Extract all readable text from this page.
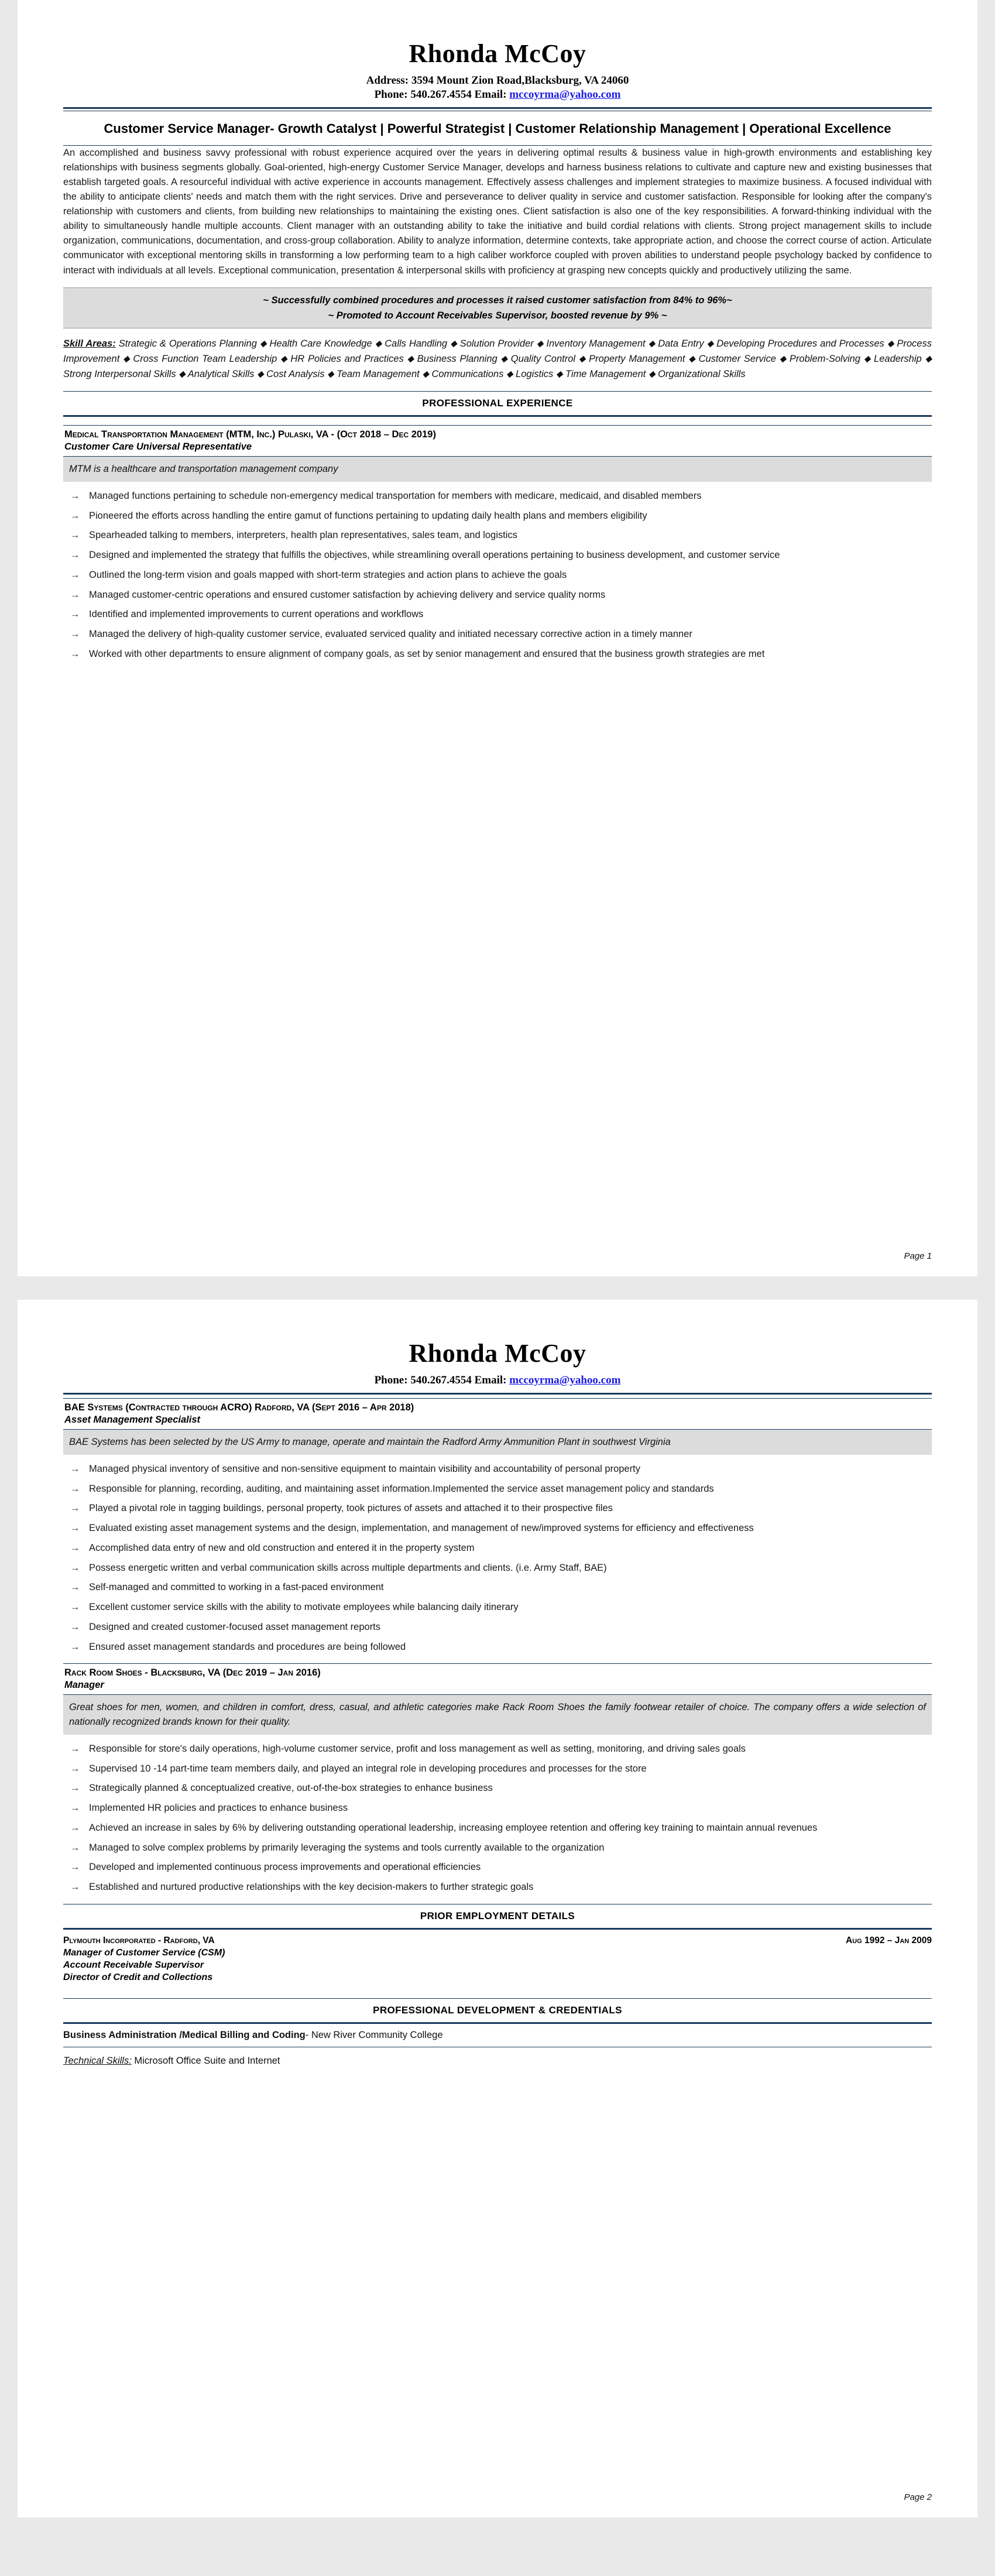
Rhonda McCoy
Address: 3594 Mount Zion Road,Blacksburg, VA 24060
Phone: 540.267.4554 Email: mccoyrma@yahoo.com
Customer Service Manager- Growth Catalyst | Powerful Strategist | Customer Relationship Management | Operational Excellence

An accomplished and business savvy professional with robust experience acquired over the years in delivering optimal results & business value in high-growth environments and establishing key relationships with business segments globally. Goal-oriented, high-energy Customer Service Manager, develops and harness business relations to cultivate and capture new and existing businesses that establish targeted goals. A resourceful individual with active experience in accounts management. Effectively assess challenges and implement strategies to maximize business. A focused individual with the ability to anticipate clients' needs and match them with the right services. Drive and perseverance to deliver quality in service and customer satisfaction. Responsible for looking after the company's relationship with customers and clients, from building new relationships to maintaining the existing ones. Client satisfaction is also one of the key responsibilities. A forward-thinking individual with the ability to simultaneously handle multiple accounts. Client manager with an outstanding ability to take the initiative and build cordial relations with clients. Strong project management skills to include organization, communications, documentation, and cross-group collaboration. Ability to analyze information, determine contexts, take appropriate action, and choose the correct course of action. Articulate communicator with exceptional mentoring skills in transforming a low performing team to a high caliber workforce coupled with proven abilities to understand people psychology backed by confidence to interact with individuals at all levels. Exceptional communication, presentation & interpersonal skills with proficiency at grasping new concepts quickly and productively utilizing the same.

~ Successfully combined procedures and processes it raised customer satisfaction from 84% to 96%~
~ Promoted to Account Receivables Supervisor, boosted revenue by 9% ~
Skill Areas: Strategic & Operations Planning ⬥ Health Care Knowledge ⬥ Calls Handling ⬥ Solution Provider ⬥ Inventory Management ⬥ Data Entry ⬥ Developing Procedures and Processes ⬥ Process Improvement ⬥ Cross Function Team Leadership ⬥ HR Policies and Practices ⬥ Business Planning ⬥ Quality Control ⬥ Property Management ⬥ Customer Service ⬥ Problem-Solving ⬥ Leadership ⬥ Strong Interpersonal Skills ⬥ Analytical Skills ⬥ Cost Analysis ⬥ Team Management ⬥ Communications ⬥ Logistics ⬥ Time Management ⬥ Organizational Skills
PROFESSIONAL EXPERIENCE
Medical Transportation Management (MTM, Inc.) Pulaski, VA - (Oct 2018 – Dec 2019)
Customer Care Universal Representative
MTM is a healthcare and transportation management company
→ Managed functions pertaining to schedule non-emergency medical transportation for members with medicare, medicaid, and disabled members
→ Pioneered the efforts across handling the entire gamut of functions pertaining to updating daily health plans and members eligibility
→ Spearheaded talking to members, interpreters, health plan representatives, sales team, and logistics
→ Designed and implemented the strategy that fulfills the objectives, while streamlining overall operations pertaining to business development, and customer service
→ Outlined the long-term vision and goals mapped with short-term strategies and action plans to achieve the goals
→ Managed customer-centric operations and ensured customer satisfaction by achieving delivery and service quality norms
→ Identified and implemented improvements to current operations and workflows
→ Managed the delivery of high-quality customer service, evaluated serviced quality and initiated necessary corrective action in a timely manner
→ Worked with other departments to ensure alignment of company goals, as set by senior management and ensured that the business growth strategies are met
Page 1
Rhonda McCoy
Phone: 540.267.4554 Email: mccoyrma@yahoo.com
BAE Systems (Contracted through ACRO) Radford, VA (Sept 2016 – Apr 2018)
Asset Management Specialist
BAE Systems has been selected by the US Army to manage, operate and maintain the Radford Army Ammunition Plant in southwest Virginia
→ Managed physical inventory of sensitive and non-sensitive equipment to maintain visibility and accountability of personal property
→ Responsible for planning, recording, auditing, and maintaining asset information.Implemented the service asset management policy and standards
→ Played a pivotal role in tagging buildings, personal property, took pictures of assets and attached it to their prospective files
→ Evaluated existing asset management systems and the design, implementation, and management of new/improved systems for efficiency and effectiveness
→ Accomplished data entry of new and old construction and entered it in the property system
→ Possess energetic written and verbal communication skills across multiple departments and clients. (i.e. Army Staff, BAE)
→ Self-managed and committed to working in a fast-paced environment
→ Excellent customer service skills with the ability to motivate employees while balancing daily itinerary
→ Designed and created customer-focused asset management reports
→ Ensured asset management standards and procedures are being followed
Rack Room Shoes - Blacksburg, VA (Dec 2019 – Jan 2016)
Manager
Great shoes for men, women, and children in comfort, dress, casual, and athletic categories make Rack Room Shoes the family footwear retailer of choice. The company offers a wide selection of nationally recognized brands known for their quality.
→ Responsible for store's daily operations, high-volume customer service, profit and loss management as well as setting, monitoring, and driving sales goals
→ Supervised 10 -14 part-time team members daily, and played an integral role in developing procedures and processes for the store
→ Strategically planned & conceptualized creative, out-of-the-box strategies to enhance business
→ Implemented HR policies and practices to enhance business
→ Achieved an increase in sales by 6% by delivering outstanding operational leadership, increasing employee retention and offering key training to maintain annual revenues
→ Managed to solve complex problems by primarily leveraging the systems and tools currently available to the organization
→ Developed and implemented continuous process improvements and operational efficiencies
→ Established and nurtured productive relationships with the key decision-makers to further strategic goals
PRIOR EMPLOYMENT DETAILS
Plymouth Incorporated - Radford, VA	Aug 1992 – Jan 2009
Manager of Customer Service (CSM)
Account Receivable Supervisor
Director of Credit and Collections
PROFESSIONAL DEVELOPMENT & CREDENTIALS
Business Administration /Medical Billing and Coding- New River Community College
Technical Skills: Microsoft Office Suite and Internet
Page 2
